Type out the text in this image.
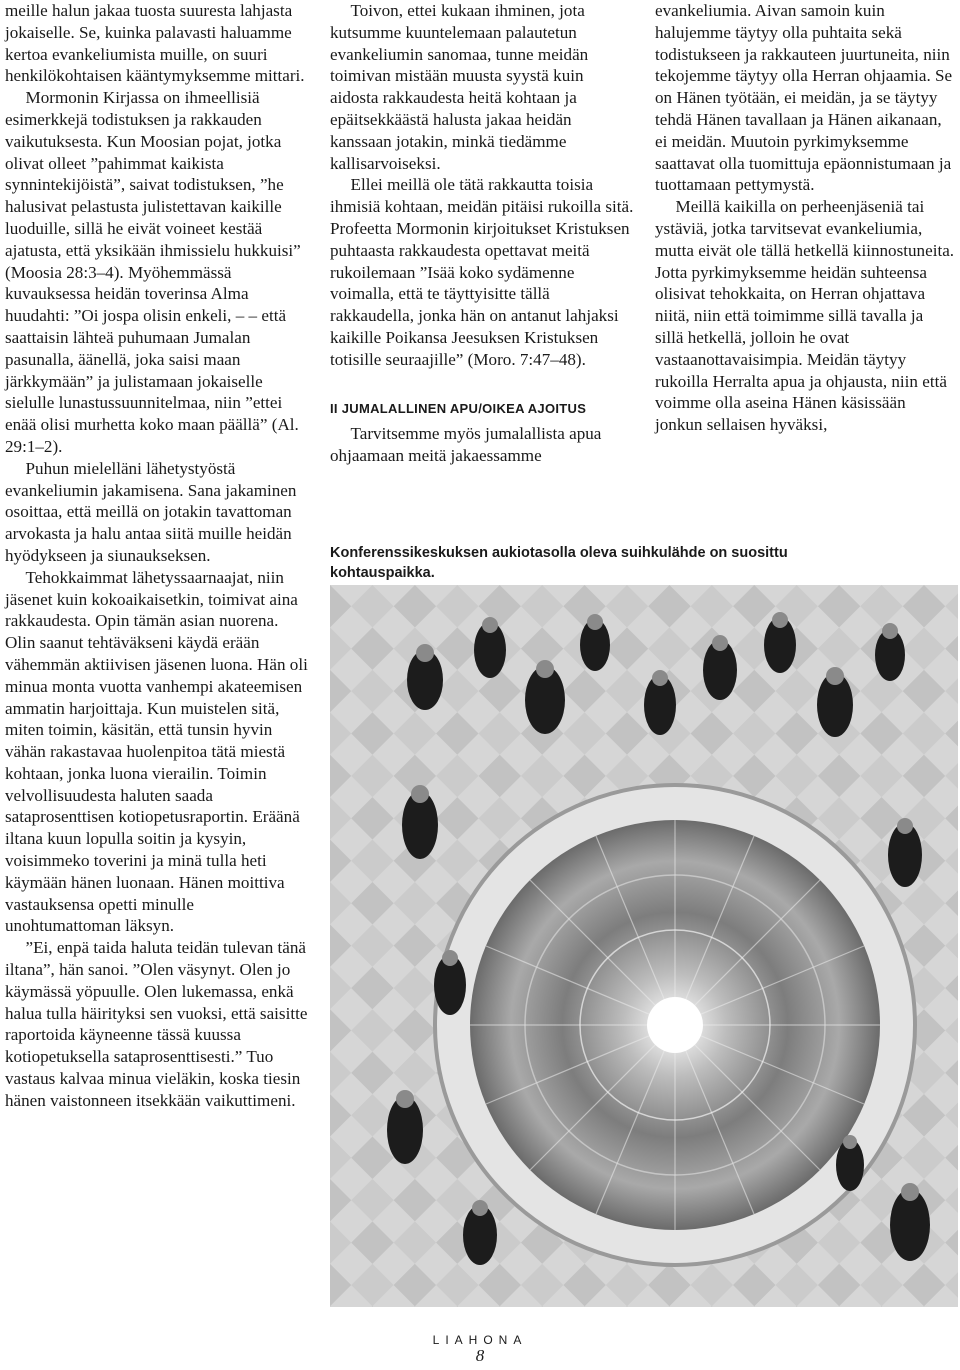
meille halun jakaa tuosta suuresta lahjasta jokaiselle. Se, kuinka palavasti haluamme kertoa evankeliumista muille, on suuri henkilökohtaisen kääntymyksemme mittari.

Mormonin Kirjassa on ihmeellisiä esimerkkejä todistuksen ja rakkauden vaikutuksesta. Kun Moosian pojat, jotka olivat olleet ”pahimmat kaikista synnintekijöistä”, saivat todistuksen, ”he halusivat pelastusta julistettavan kaikille luoduille, sillä he eivät voineet kestää ajatusta, että yksikään ihmissielu hukkuisi” (Moosia 28:3–4). Myöhemmässä kuvauksessa heidän toverinsa Alma huudahti: ”Oi jospa olisin enkeli, – – että saattaisin lähteä puhumaan Jumalan pasunalla, äänellä, joka saisi maan järkkymään” ja julistamaan jokaiselle sielulle lunastussuunnitelmaa, niin ”ettei enää olisi murhetta koko maan päällä” (Al. 29:1–2).

Puhun mielelläni lähetystyöstä evankeliumin jakamisena. Sana jakaminen osoittaa, että meillä on jotakin tavattoman arvokasta ja halu antaa siitä muille heidän hyödykseen ja siunaukseksen.

Tehokkaimmat lähetyssaarnaajat, niin jäsenet kuin kokoaikaisetkin, toimivat aina rakkaudesta. Opin tämän asian nuorena. Olin saanut tehtäväkseni käydä erään vähemmän aktiivisen jäsenen luona. Hän oli minua monta vuotta vanhempi akateemisen ammatin harjoittaja. Kun muistelen sitä, miten toimin, käsitän, että tunsin hyvin vähän rakastavaa huolenpitoa tätä miestä kohtaan, jonka luona vierailin. Toimin velvollisuudesta haluten saada sataprosenttisen kotiopetusraportin. Eräänä iltana kuun lopulla soitin ja kysyin, voisimmeko toverini ja minä tulla heti käymään hänen luonaan. Hänen moittiva vastauksensa opetti minulle unohtumattoman läksyn.

”Ei, enpä taida haluta teidän tulevan tänä iltana”, hän sanoi. ”Olen väsynyt. Olen jo käymässä yöpuulle. Olen lukemassa, enkä halua tulla häirityksi sen vuoksi, että saisitte raportoida käyneenne tässä kuussa kotiopetuksella sataprosenttisesti.” Tuo vastaus kalvaa minua vieläkin, koska tiesin hänen vaistonneen itsekkään vaikuttimeni.

Toivon, ettei kukaan ihminen, jota kutsumme kuuntelemaan palautetun evankeliumin sanomaa, tunne meidän toimivan mistään muusta syystä kuin aidosta rakkaudesta heitä kohtaan ja epäitsekkäästä halusta jakaa heidän kanssaan jotakin, minkä tiedämme kallisarvoiseksi.

Ellei meillä ole tätä rakkautta toisia ihmisiä kohtaan, meidän pitäisi rukoilla sitä. Profeetta Mormonin kirjoitukset Kristuksen puhtaasta rakkaudesta opettavat meitä rukoilemaan ”Isää koko sydämenne voimalla, että te täyttyisitte tällä rakkaudella, jonka hän on antanut lahjaksi kaikille Poikansa Jeesuksen Kristuksen totisille seuraajille” (Moro. 7:47–48).

II JUMALALLINEN APU/OIKEA AJOITUS

Tarvitsemme myös jumalallista apua ohjaamaan meitä jakaessamme

evankeliumia. Aivan samoin kuin halujemme täytyy olla puhtaita sekä todistukseen ja rakkauteen juurtuneita, niin tekojemme täytyy olla Herran ohjaamia. Se on Hänen työtään, ei meidän, ja se täytyy tehdä Hänen tavallaan ja Hänen aikanaan, ei meidän. Muutoin pyrkimyksemme saattavat olla tuomittuja epäonnistumaan ja tuottamaan pettymystä.

Meillä kaikilla on perheenjäseniä tai ystäviä, jotka tarvitsevat evankeliumia, mutta eivät ole tällä hetkellä kiinnostuneita. Jotta pyrkimyksemme heidän suhteensa olisivat tehokkaita, on Herran ohjattava niitä, niin että toimimme sillä tavalla ja sillä hetkellä, jolloin he ovat vastaanottavaisimpia. Meidän täytyy rukoilla Herralta apua ja ohjausta, niin että voimme olla aseina Hänen käsissään jonkun sellaisen hyväksi,

Konferenssikeskuksen aukiotasolla oleva suihkulähde on suosittu kohtauspaikka.
LIAHONA
8
